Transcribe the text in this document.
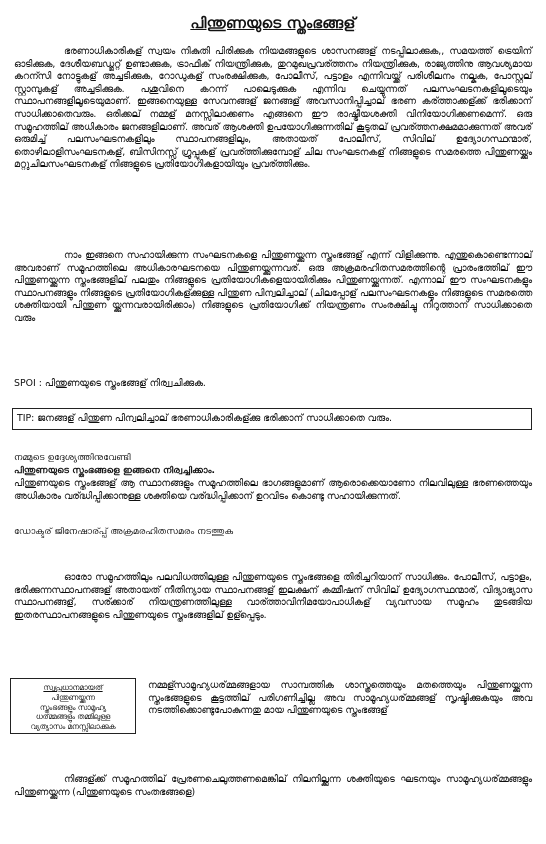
പിന്തുണയുടെ സ്തംഭങ്ങള്

ഭരണാധികാരികള് സ്വയം നികുതി പിരിക്കുക നിയമങ്ങളുടെ ശാസനങ്ങള് നടപ്പിലാക്കുക,, സമയത്ത് ട്രെയിന് ഓടിക്കുക, ദേശീയബഡ്ജറ്റ് ഉണ്ടാക്കുക, ട്രാഫിക് നിയന്ത്രിക്കുക, തുറമുഖപ്രവര്ത്തനം നിയന്ത്രിക്കുക, രാജ്യത്തിനു ആവശ്യമായ കറന്സി നോട്ടുകള് അച്ചടിക്കുക, റോഡുകള് സംരക്ഷിക്കുക, പോലീസ്, പട്ടാളം എന്നിവയ്ക്ക് പരിശീലനം നല്കുക, പോസ്റ്റല് സ്റ്റാമ്പുകള് അച്ചടിക്കുക. പശുവിനെ കറന്ന് പാലെടുക്കുക എന്നിവ ചെയ്യുന്നത് പലസംഘടനകളിലൂടെയും സ്ഥാപനങ്ങളിലൂടെയുമാണ്. ഇങ്ങനെയുള്ള സേവനങ്ങള് ജനങ്ങള് അവസാനിപ്പിച്ചാല് ഭരണ കര്ത്താക്കള്ക്ക് ഭരിക്കാന് സാധിക്കാതെവരും. ഒരിക്കല് നമ്മള് മനസ്സിലാക്കണം എങ്ങനെ ഈ രാഷ്ട്രീയശക്തി വിനിയോഗിക്കണമെന്ന്. ഒരു സമൂഹത്തില് അധികാരം ജനങ്ങളിലാണ്. അവര് ആശക്തി ഉപയോഗിക്കുന്നതില് കൂടുതല് പ്രവര്ത്തനക്ഷമമാക്കുന്നത് അവര് ഒരുമിച്ച് പലസംഘടനകളിലും സ്ഥാപനങ്ങളിലും, അതായത് പോലീസ്, സിവില് ഉദ്യോഗസ്ഥന്മാര്, തൊഴിലാളിസംഘടനകള്, ബിസിനസ്സ് ഗ്രൂപ്പുകള് പ്രവര്ത്തിക്കുമ്പോള് ചില സംഘടനകള് നിങ്ങളുടെ സമരത്തെ പിന്തുണയ്ക്കും മറ്റുചിലസംഘടനകള് നിങ്ങളുടെ പ്രതിയോഗികളായിയും പ്രവര്ത്തിക്കും.

നാം ഇങ്ങനെ സഹായിക്കുന്ന സംഘടനകളെ പിന്തുണയ്ക്കുന്ന സ്തംഭങ്ങള് എന്ന് വിളിക്കുന്നു. എന്തുകൊണ്ടെന്നാല് അവരാണ് സമൂഹത്തിലെ അധികാരഘടനയെ പിന്തുണയ്ക്കുന്നവര്. ഒരു അക്രമരഹിതസമരത്തിന്റെ പ്രാരംഭത്തില് ഈ പിന്തുണയ്ക്കുന്ന സ്തംഭങ്ങളില് പലതും നിങ്ങളുടെ പ്രതിയോഗികളെയായിരിക്കും പിന്തുണയ്ക്കുന്നത്. എന്നാല് ഈ സംഘടനകളും സ്ഥാപനങ്ങളും നിങ്ങളുടെ പ്രതിയോഗികള്ക്കുള്ള പിന്തുണ പിന്വലിച്ചാല് (ചിലപ്പോള് പലസംഘടനകളും നിങ്ങളുടെ സമരത്തെ ശക്തിയായി പിന്തുണ യ്ക്കുന്നവരായിരിക്കാം) നിങ്ങളുടെ പ്രതിയോഗിക്ക് നിയന്ത്രണം സംരക്ഷിച്ചു നിറുത്താന് സാധിക്കാതെ വരും

SPOI : പിന്തുണയുടെ സ്തംഭങ്ങള് നിര്വ്വചിക്കുക.
TIP: ജനങ്ങള് പിന്തുണ പിന്വലിച്ചാല് ഭരണാധികാരികള്ക്കു ഭരിക്കാന് സാധിക്കാതെ വരും.
നമ്മുടെ ഉദ്ദേശ്യത്തിനുവേണ്ടി
പിന്തുണയുടെ സ്തംഭങ്ങളെ ഇങ്ങനെ നിര്വച്ചിക്കാം.

പിന്തുണയുടെ സ്തംഭങ്ങള് ആ സ്ഥാനങ്ങളും സമൂഹത്തിലെ ഭാഗങ്ങളുമാണ് ആരൊക്കെയാണോ നിലവിലുള്ള ഭരണത്തെയും അധികാരം വര്ദ്ധിപ്പിക്കാനുള്ള ശക്തിയെ വര്ദ്ധിപ്പിക്കാന് ഉറവിടം കൊണ്ടു സഹായിക്കുന്നത്.

ഡോക്ടര് ജിനേഷാര്പ്പ് അക്രമരഹിതസമരം നടത്തുക

ഓരോ സമൂഹത്തിലും പലവിധത്തിലുള്ള പിന്തുണയുടെ സ്തംഭങ്ങളെ തിരിച്ചറിയാന് സാധിക്കും. പോലീസ്, പട്ടാളം, ഭരിക്കുന്നസ്ഥാപനങ്ങള് അതായത് നീതിന്യായ സ്ഥാപനങ്ങള് ഇലക്ഷന് കമ്മീഷന് സിവില് ഉദ്യോഗസ്ഥന്മാര്, വിദ്യാഭ്യാസ സ്ഥാപനങ്ങള്, സര്ക്കാര് നിയന്ത്രണത്തിലുള്ള വാര്ത്താവിനിമയോപാധികള് വ്യവസായ സമൂഹം തുടങ്ങിയ ഇതരസ്ഥാപനങ്ങളുടെ പിന്തുണയുടെ സ്തംഭങ്ങളില് ഉള്പ്പെടും.

സ്വപ്രധാനമായത്
പിന്തുണയ്ക്കുന്ന
സ്തംഭങ്ങളും സാമൂഹ്യ
ധര്മ്മങ്ങളും തമ്മിലുള്ള
വ്യത്യാസം മനസ്സിലാക്കുക

നമ്മള്സാമൂഹ്യധര്മ്മങ്ങളായ സാമ്പത്തിക ശാസ്ത്രത്തെയും മതത്തെയും പിന്തുണയ്ക്കുന്ന സ്തംഭങ്ങളുടെ കൂട്ടത്തില് പരിഗണിച്ചില്ല അവ സാമൂഹ്യധര്മ്മങ്ങള് സൃഷ്ടിക്കുകയും അവ നടത്തിക്കൊണ്ടുപോകുന്നതു മായ പിന്തുണയുടെ സ്തംഭങ്ങള്

നിങ്ങള്ക്ക് സമൂഹത്തില് പ്രേരണചെലുത്തണമെങ്കില് നിലനില്ക്കുന്ന ശക്തിയുടെ ഘടനയും സാമൂഹ്യധര്മ്മങ്ങളും പിന്തുണയ്ക്കുന്ന (പിന്തുണയുടെ സംതഭങ്ങളെ)
